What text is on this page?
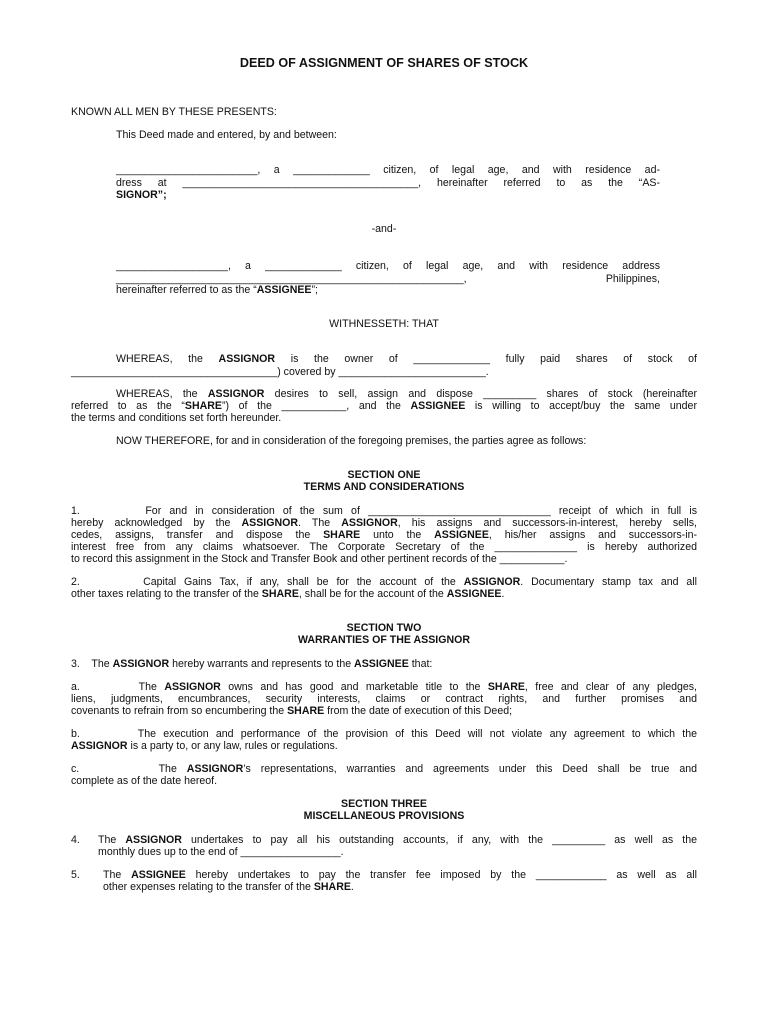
DEED OF ASSIGNMENT OF SHARES OF STOCK

KNOWN ALL MEN BY THESE PRESENTS:

This Deed made and entered, by and between:

________________________, a _____________ citizen, of legal age, and with residence ad-

dress at ________________________________________, hereinafter referred to as the “AS-

SIGNOR”;

-and-

___________________, a _____________ citizen, of legal age, and with residence address

___________________________________________________________,          Philippines,

hereinafter referred to as the “ASSIGNEE”;

WITHNESSETH: THAT

WHEREAS, the ASSIGNOR is the owner of _____________ fully paid shares of stock of

___________________________________) covered by _________________________.

WHEREAS, the ASSIGNOR desires to sell, assign and dispose _________ shares of stock (hereinafter

referred to as the “SHARE”) of the ___________, and the ASSIGNEE is willing to accept/buy the same under

the terms and conditions set forth hereunder.

NOW THEREFORE, for and in consideration of the foregoing premises, the parties agree as follows:

SECTION ONE

TERMS AND CONSIDERATIONS

1.        For and in consideration of the sum of _______________________________ receipt of which in full is

hereby acknowledged by the ASSIGNOR. The ASSIGNOR, his assigns and successors-in-interest, hereby sells,

cedes, assigns, transfer and dispose the SHARE unto the ASSIGNEE, his/her assigns and successors-in-

interest free from any claims whatsoever. The Corporate Secretary of the ______________ is hereby authorized

to record this assignment in the Stock and Transfer Book and other pertinent records of the ___________.

2.        Capital Gains Tax, if any, shall be for the account of the ASSIGNOR. Documentary stamp tax and all

other taxes relating to the transfer of the SHARE, shall be for the account of the ASSIGNEE.

SECTION TWO

WARRANTIES OF THE ASSIGNOR

3.    The ASSIGNOR hereby warrants and represents to the ASSIGNEE that:

a.        The ASSIGNOR owns and has good and marketable title to the SHARE, free and clear of any pledges,

liens, judgments, encumbrances, security interests, claims or contract rights, and further promises and

covenants to refrain from so encumbering the SHARE from the date of execution of this Deed;

b.        The execution and performance of the provision of this Deed will not violate any agreement to which the

ASSIGNOR is a party to, or any law, rules or regulations.

c.        The ASSIGNOR’s representations, warranties and agreements under this Deed shall be true and

complete as of the date hereof.

SECTION THREE

MISCELLANEOUS PROVISIONS

4. The ASSIGNOR undertakes to pay all his outstanding accounts, if any, with the _________ as well as the

monthly dues up to the end of _________________.

5. The ASSIGNEE hereby undertakes to pay the transfer fee imposed by the ____________ as well as all

other expenses relating to the transfer of the SHARE.
